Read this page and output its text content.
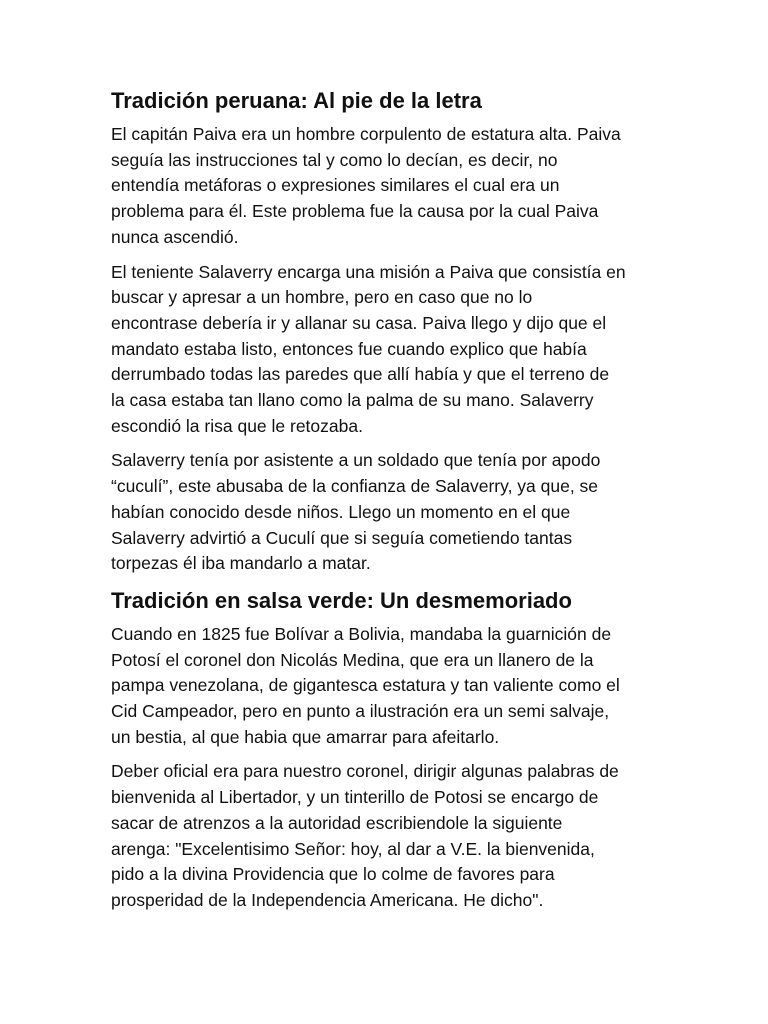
Tradición peruana: Al pie de la letra

El capitán Paiva era un hombre corpulento de estatura alta. Paiva
seguía las instrucciones tal y como lo decían, es decir, no
entendía metáforas o expresiones similares el cual era un
problema para él. Este problema fue la causa por la cual Paiva
nunca ascendió.

El teniente Salaverry encarga una misión a Paiva que consistía en
buscar y apresar a un hombre, pero en caso que no lo
encontrase debería ir y allanar su casa. Paiva llego y dijo que el
mandato estaba listo, entonces fue cuando explico que había
derrumbado todas las paredes que allí había y que el terreno de
la casa estaba tan llano como la palma de su mano. Salaverry
escondió la risa que le retozaba.

Salaverry tenía por asistente a un soldado que tenía por apodo
“cuculí”, este abusaba de la confianza de Salaverry, ya que, se
habían conocido desde niños. Llego un momento en el que
Salaverry advirtió a Cuculí que si seguía cometiendo tantas
torpezas él iba mandarlo a matar.

Tradición en salsa verde: Un desmemoriado

Cuando en 1825 fue Bolívar a Bolivia, mandaba la guarnición de
Potosí el coronel don Nicolás Medina, que era un llanero de la
pampa venezolana, de gigantesca estatura y tan valiente como el
Cid Campeador, pero en punto a ilustración era un semi salvaje,
un bestia, al que habia que amarrar para afeitarlo.

Deber oficial era para nuestro coronel, dirigir algunas palabras de
bienvenida al Libertador, y un tinterillo de Potosi se encargo de
sacar de atrenzos a la autoridad escribiendole la siguiente
arenga: "Excelentisimo Señor: hoy, al dar a V.E. la bienvenida,
pido a la divina Providencia que lo colme de favores para
prosperidad de la Independencia Americana. He dicho".
